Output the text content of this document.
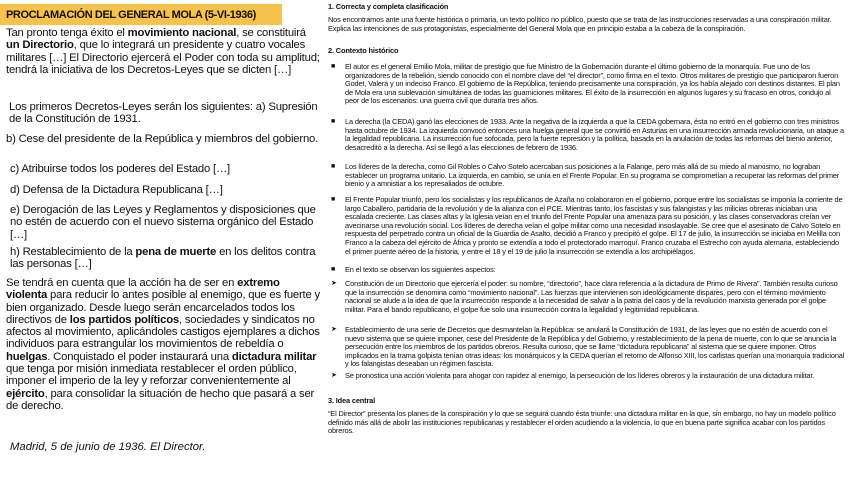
PROCLAMACIÓN DEL GENERAL MOLA (5-VI-1936)

Tan pronto tenga éxito el movimiento nacional, se constituirá un Directorio, que lo integrará un presidente y cuatro vocales militares […] El Directorio ejercerá el Poder con toda su amplitud; tendrá la iniciativa de los Decretos-Leyes que se dicten […]

Los primeros Decretos-Leyes serán los siguientes: a) Supresión de la Constitución de 1931.

b) Cese del presidente de la República y miembros del gobierno.

c) Atribuirse todos los poderes del Estado […]

d) Defensa de la Dictadura Republicana […]

e) Derogación de las Leyes y Reglamentos y disposiciones que no estén de acuerdo con el nuevo sistema orgánico del Estado […]

h) Restablecimiento de la pena de muerte en los delitos contra las personas […]

Se tendrá en cuenta que la acción ha de ser en extremo violenta para reducir lo antes posible al enemigo, que es fuerte y bien organizado. Desde luego serán encarcelados todos los directivos de los partidos políticos, sociedades y sindicatos no afectos al movimiento, aplicándoles castigos ejemplares a dichos individuos para estrangular los movimientos de rebeldía o huelgas. Conquistado el poder instaurará una dictadura militar que tenga por misión inmediata restablecer el orden público, imponer el imperio de la ley y reforzar convenientemente al ejército, para consolidar la situación de hecho que pasará a ser de derecho.

Madrid, 5 de junio de 1936. El Director.

1. Correcta y completa clasificación

Nos encontramos ante una fuente histórica o primaria, un texto político no público, puesto que se trata de las instrucciones reservadas a una conspiración militar. Explica las intenciones de sus protagonistas, especialmente del General Mola que en principio estaba a la cabeza de la conspiración.

2. Contexto histórico

■ El autor es el general Emilio Mola, militar de prestigio que fue Ministro de la Gobernación durante el último gobierno de la monarquía. Fue uno de los organizadores de la rebelión, siendo conocido con el nombre clave del “el director”, como firma en el texto. Otros militares de prestigio que participaron fueron Godet, Valera y un indeciso Franco. El gobierno de la República, teniendo precisamente una conspiración, ya los había alejado con destinos distantes. El plan de Mola era una sublevación simultánea de todas las guarniciones militares. El éxito de la insurrección en algunos lugares y su fracaso en otros, condujo al peor de los escenarios: una guerra civil que duraría tres años.

■ La derecha (la CEDA) ganó las elecciones de 1933. Ante la negativa de la izquierda a que la CEDA gobernara, ésta no entró en el gobierno con tres ministros hasta octubre de 1934. La izquierda convocó entonces una huelga general que se convirtió en Asturias en una insurrección armada revolucionaria, un ataque a la legalidad republicana. La insurrección fue sofocada, pero la fuerte represión y la política, basada en la anulación de todas las reformas del bienio anterior, desacreditó a la derecha. Así se llegó a las elecciones de febrero de 1936.

■ Los líderes de la derecha, como Gil Robles o Calvo Sotelo acercaban sus posiciones a la Falange, pero más allá de su miedo al marxismo, no lograban establecer un programa unitario. La izquierda, en cambio, se unía en el Frente Popular. En su programa se comprometían a recuperar las reformas del primer bienio y a amnistiar a los represaliados de octubre.

■ El Frente Popular triunfó, pero los socialistas y los republicanos de Azaña no colaboraron en el gobierno, porque entre los socialistas se imponía la corriente de largo Caballero, partidaria de la revolución y de la alianza con el PCE. Mientras tanto, los fascistas y sus falangistas y las milicias obreras iniciaban una escalada creciente. Las clases altas y la Iglesia veían en el triunfo del Frente Popular una amenaza para su posición, y las clases conservadoras creían ver avecinarse una revolución social. Los líderes de derecha veían el golpe militar como una necesidad insoslayable. Se cree que el asesinato de Calvo Sotelo en respuesta del perpetrado contra un oficial de la Guardia de Asalto, decidió a Franco y precipitó el golpe. El 17 de julio, la insurrección se iniciaba en Melilla con Franco a la cabeza del ejército de África y pronto se extendía a todo el protectorado marroquí. Franco cruzaba el Estrecho con ayuda alemana, estableciendo el primer puente aéreo de la historia, y entre el 18 y el 19 de julio la insurrección se extendía a los archipiélagos.

■ En el texto se observan los siguientes aspectos:

➤ Constitución de un Directorio que ejercería el poder: su nombre, “directorio”, hace clara referencia a la dictadura de Primo de Rivera”. También resulta curioso que la insurrección se denomina como “movimiento nacional”. Las fuerzas que intervienen son ideológicamente dispares, pero con el término movimiento nacional se alude a la idea de que la insurrección responde a la necesidad de salvar a la patria del caos y de la revolución marxista generada por el golpe militar. Para el bando republicano, el golpe fue solo una insurrección contra la legalidad y legitimidad republicana.

➤ Establecimiento de una serie de Decretos que desmantelan la República: se anulará la Constitución de 1931, de las leyes que no estén de acuerdo con el nuevo sistema que se quiere imponer, cese del Presidente de la República y del Gobierno, y restablecimiento de la pena de muerte, con lo que se anuncia la persecución entre los miembros de los partidos obreros. Resulta curioso, que se llame “dictadura republicana” al sistema que se quiere imponer. Otros implicados en la trama golpista tenían otras ideas: los monárquicos y la CEDA querían el retorno de Alfonso XIII, los carlistas querían una monarquía tradicional y los falangistas deseaban un régimen fascista.

➤ Se pronostica una acción violenta para ahogar con rapidez al enemigo, la persecución de los líderes obreros y la instauración de una dictadura militar.

3. Idea central

“El Director” presenta los planes de la conspiración y lo que se seguirá cuando ésta triunfe: una dictadura militar en la que, sin embargo, no hay un modelo político definido más allá de abolir las instituciones republicanas y restablecer el orden acudiendo a la violencia, lo que en buena parte significa acabar con los partidos obreros.
